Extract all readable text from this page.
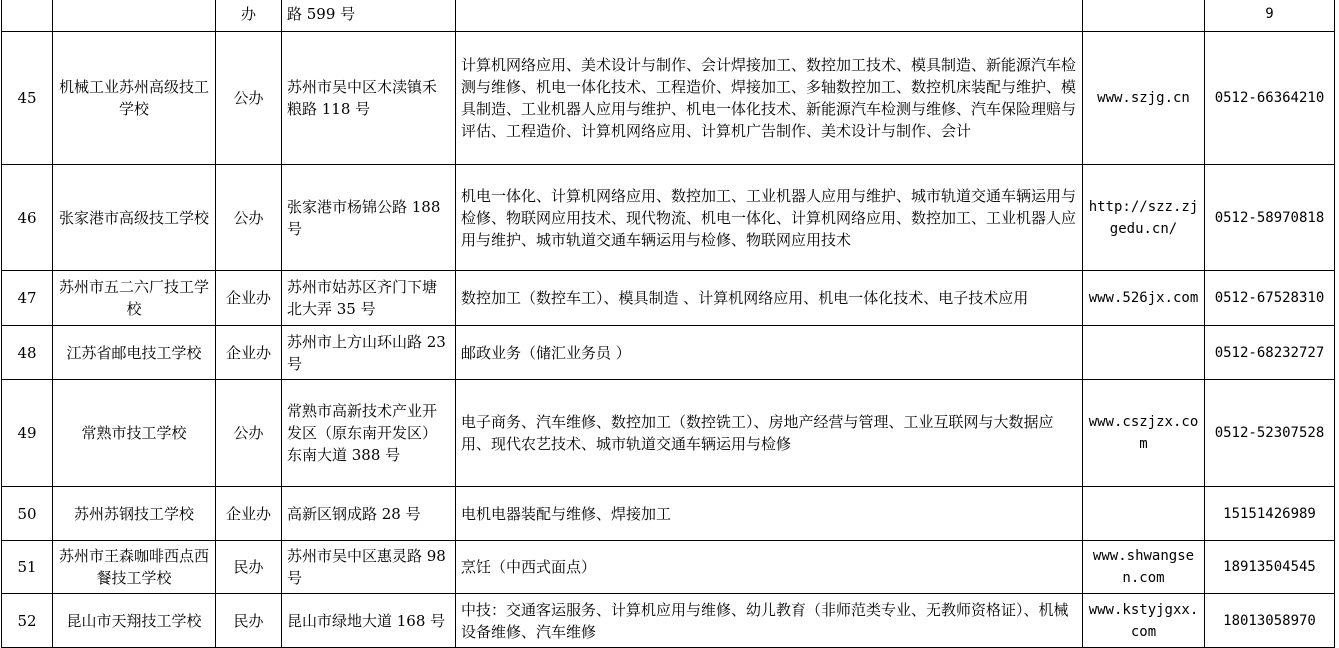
		办	路 599 号			9
45	机械工业苏州高级技工学校	公办	苏州市吴中区木渎镇禾粮路 118 号	计算机网络应用、美术设计与制作、会计焊接加工、数控加工技术、模具制造、新能源汽车检测与维修、机电一体化技术、工程造价、焊接加工、多轴数控加工、数控机床装配与维护、模具制造、工业机器人应用与维护、机电一体化技术、新能源汽车检测与维修、汽车保险理赔与评估、工程造价、计算机网络应用、计算机广告制作、美术设计与制作、会计	www.szjg.cn	0512-66364210
46	张家港市高级技工学校	公办	张家港市杨锦公路 188 号	机电一体化、计算机网络应用、数控加工、工业机器人应用与维护、城市轨道交通车辆运用与检修、物联网应用技术、现代物流、机电一体化、计算机网络应用、数控加工、工业机器人应用与维护、城市轨道交通车辆运用与检修、物联网应用技术	http://szz.zjgedu.cn/	0512-58970818
47	苏州市五二六厂技工学校	企业办	苏州市姑苏区齐门下塘北大弄 35 号	数控加工（数控车工）、模具制造 、计算机网络应用、机电一体化技术、电子技术应用	www.526jx.com	0512-67528310
48	江苏省邮电技工学校	企业办	苏州市上方山环山路 23 号	邮政业务（储汇业务员 ）		0512-68232727
49	常熟市技工学校	公办	常熟市高新技术产业开发区（原东南开发区）东南大道 388 号	电子商务、汽车维修、数控加工（数控铣工）、房地产经营与管理、工业互联网与大数据应用、现代农艺技术、城市轨道交通车辆运用与检修	www.cszjzx.com	0512-52307528
50	苏州苏钢技工学校	企业办	高新区钢成路 28 号	电机电器装配与维修、焊接加工		15151426989
51	苏州市王森咖啡西点西餐技工学校	民办	苏州市吴中区惠灵路 98 号	烹饪（中西式面点）	www.shwangsen.com	18913504545
52	昆山市天翔技工学校	民办	昆山市绿地大道 168 号	中技：交通客运服务、计算机应用与维修、幼儿教育（非师范类专业、无教师资格证）、机械设备维修、汽车维修	www.kstyjgxx.com	18013058970
